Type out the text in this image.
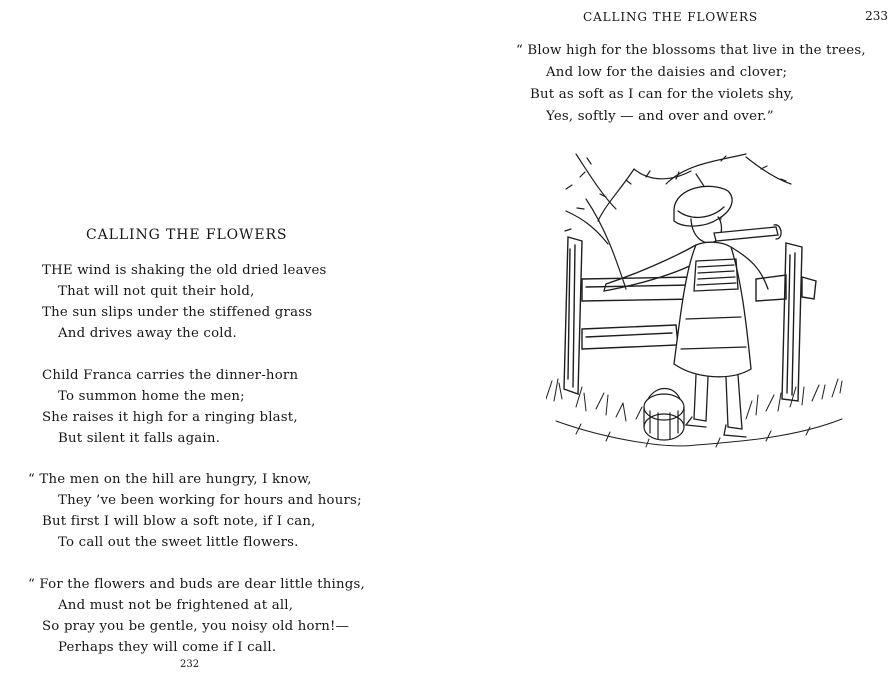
CALLING THE FLOWERS
THE wind is shaking the old dried leaves
That will not quit their hold,
The sun slips under the stiffened grass
And drives away the cold.
Child Franca carries the dinner-horn
To summon home the men;
She raises it high for a ringing blast,
But silent it falls again.
“ The men on the hill are hungry, I know,
They ’ve been working for hours and hours;
But first I will blow a soft note, if I can,
To call out the sweet little flowers.
“ For the flowers and buds are dear little things,
And must not be frightened at all,
So pray you be gentle, you noisy old horn!—
Perhaps they will come if I call.
232
CALLING THE FLOWERS	233
“ Blow high for the blossoms that live in the trees,
And low for the daisies and clover;
But as soft as I can for the violets shy,
Yes, softly — and over and over.”
